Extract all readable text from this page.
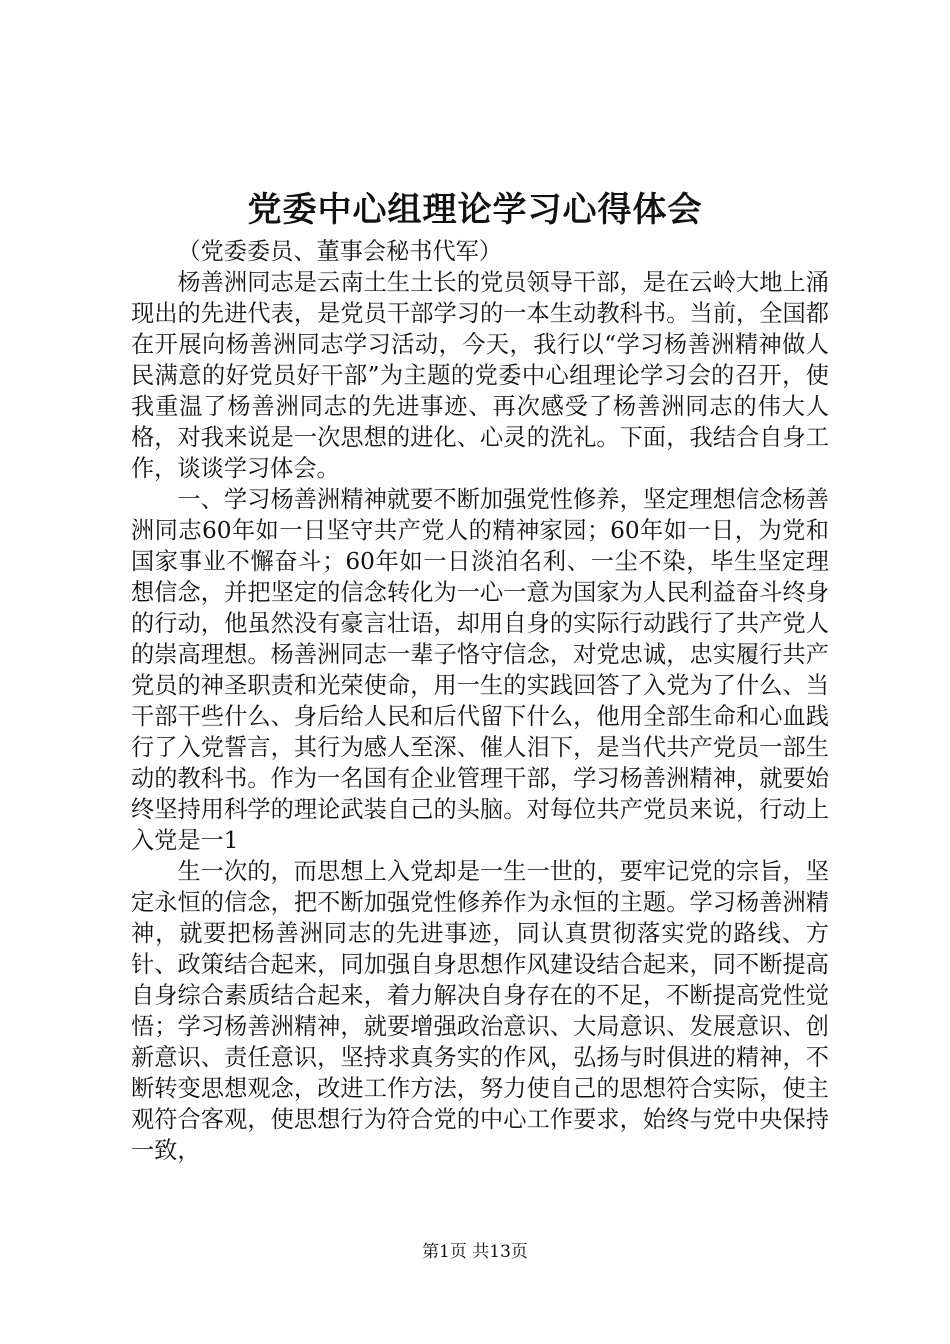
党委中心组理论学习心得体会

（党委委员、董事会秘书代军）

杨善洲同志是云南土生土长的党员领导干部，是在云岭大地上涌现出的先进代表，是党员干部学习的一本生动教科书。当前，全国都在开展向杨善洲同志学习活动，今天，我行以“学习杨善洲精神做人民满意的好党员好干部”为主题的党委中心组理论学习会的召开，使我重温了杨善洲同志的先进事迹、再次感受了杨善洲同志的伟大人格，对我来说是一次思想的进化、心灵的洗礼。下面，我结合自身工作，谈谈学习体会。

一、学习杨善洲精神就要不断加强党性修养，坚定理想信念杨善洲同志60年如一日坚守共产党人的精神家园；60年如一日，为党和国家事业不懈奋斗；60年如一日淡泊名利、一尘不染，毕生坚定理想信念，并把坚定的信念转化为一心一意为国家为人民利益奋斗终身的行动，他虽然没有豪言壮语，却用自身的实际行动践行了共产党人的崇高理想。杨善洲同志一辈子恪守信念，对党忠诚，忠实履行共产党员的神圣职责和光荣使命，用一生的实践回答了入党为了什么、当干部干些什么、身后给人民和后代留下什么，他用全部生命和心血践行了入党誓言，其行为感人至深、催人泪下，是当代共产党员一部生动的教科书。作为一名国有企业管理干部，学习杨善洲精神，就要始终坚持用科学的理论武装自己的头脑。对每位共产党员来说，行动上入党是一1

生一次的，而思想上入党却是一生一世的，要牢记党的宗旨，坚定永恒的信念，把不断加强党性修养作为永恒的主题。学习杨善洲精神，就要把杨善洲同志的先进事迹，同认真贯彻落实党的路线、方针、政策结合起来，同加强自身思想作风建设结合起来，同不断提高自身综合素质结合起来，着力解决自身存在的不足，不断提高党性觉悟；学习杨善洲精神，就要增强政治意识、大局意识、发展意识、创新意识、责任意识，坚持求真务实的作风，弘扬与时俱进的精神，不断转变思想观念，改进工作方法，努力使自己的思想符合实际，使主观符合客观，使思想行为符合党的中心工作要求，始终与党中央保持一致，

第1页 共13页
